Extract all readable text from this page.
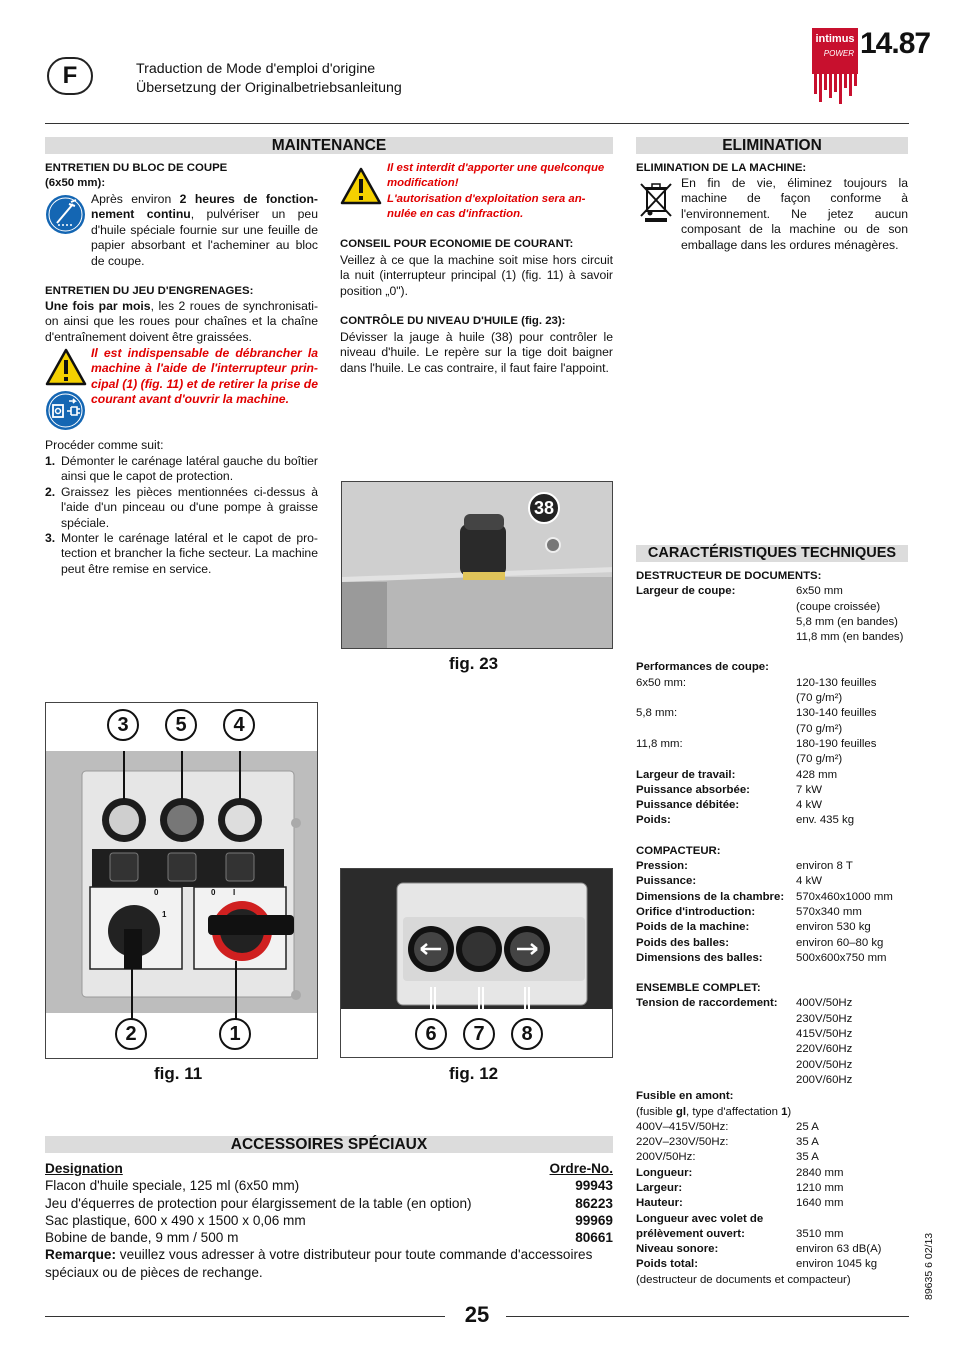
F	Traduction de Mode d'emploi d'origine
Übersetzung der Originalbetriebsanleitung
intimus
POWER 14.87
MAINTENANCE
ENTRETIEN DU BLOC DE COUPE
(6x50 mm):
Après environ 2 heures de fonction-nement continu, pulvériser un peu d'huile spéciale fournie sur une feuille de papier absorbant et l'acheminer au bloc de coupe.
ENTRETIEN DU JEU D'ENGRENAGES:
Une fois par mois, les 2 roues de synchronisati-on ainsi que les roues pour chaînes et la chaîne d'entraînement doivent être graissées.
Il est indispensable de débrancher la machine à l'aide de l'interrupteur prin-cipal (1) (fig. 11) et de retirer la prise de courant avant d'ouvrir la machine.
Procéder comme suit:
1. Démonter le carénage latéral gauche du boîtier ainsi que le capot de protection.
2. Graissez les pièces mentionnées ci-dessus à l'aide d'un pinceau ou d'une pompe à graisse spéciale.
3. Monter le carénage latéral et le capot de pro-tection et brancher la fiche secteur. La machine peut être remise en service.
Il est interdit d'apporter une quelconque modification!
L'autorisation d'exploitation sera an-nulée en cas d'infraction.
CONSEIL POUR ECONOMIE DE COURANT:
Veillez à ce que la machine soit mise hors circuit la nuit (interrupteur principal (1) (fig. 11) à savoir position „0").
CONTRÔLE DU NIVEAU D'HUILE (fig. 23):
Dévisser la jauge à huile (38) pour contrôler le niveau d'huile. Le repère sur la tige doit baigner dans l'huile. Le cas contraire, il faut faire l'appoint.
38
fig. 23
0
1
0 I
3	5	4
2	1
fig. 11
6	7	8
fig. 12
ELIMINATION
ELIMINATION DE LA MACHINE:
En fin de vie, éliminez toujours la machine de façon conforme à l'environnement. Ne jetez aucun composant de la machine ou de son emballage dans les ordures ménagères.
CARACTÉRISTIQUES TECHNIQUES
DESTRUCTEUR DE DOCUMENTS:
Largeur de coupe:	6x50 mm
(coupe croissée)
5,8 mm (en bandes)
11,8 mm (en bandes)
Performances de coupe:
6x50 mm:	120-130 feuilles
(70 g/m²)
5,8 mm:	130-140 feuilles
(70 g/m²)
11,8 mm:	180-190 feuilles
(70 g/m²)
Largeur de travail:	428 mm
Puissance absorbée:	7 kW
Puissance débitée:	4 kW
Poids:	env. 435 kg
COMPACTEUR:
Pression:	environ 8 T
Puissance:	4 kW
Dimensions de la chambre:	570x460x1000 mm
Orifice d'introduction:	570x340 mm
Poids de la machine:	environ 530 kg
Poids des balles:	environ 60–80 kg
Dimensions des balles:	500x600x750 mm
ENSEMBLE COMPLET:
Tension de raccordement:	400V/50Hz
230V/50Hz
415V/50Hz
220V/60Hz
200V/50Hz
200V/60Hz
Fusible en amont:
(fusible gl, type d'affectation 1)
400V–415V/50Hz:	25 A
220V–230V/50Hz:	35 A
200V/50Hz:	35 A
Longueur:	2840 mm
Largeur:	1210 mm
Hauteur:	1640 mm
Longueur avec volet de
prélèvement ouvert:	3510 mm
Niveau sonore:	environ 63 dB(A)
Poids total:	environ 1045 kg
(destructeur de documents et compacteur)
ACCESSOIRES SPÉCIAUX
Designation	Ordre-No.
Flacon d'huile speciale, 125 ml (6x50 mm)	99943
Jeu d'équerres de protection pour élargissement de la table (en option)	86223
Sac plastique, 600 x 490 x 1500 x 0,06 mm	99969
Bobine de bande, 9 mm / 500 m	80661
Remarque: veuillez vous adresser à votre distributeur pour toute commande d'accessoires spéciaux ou de pièces de rechange.
25
89635 6 02/13
